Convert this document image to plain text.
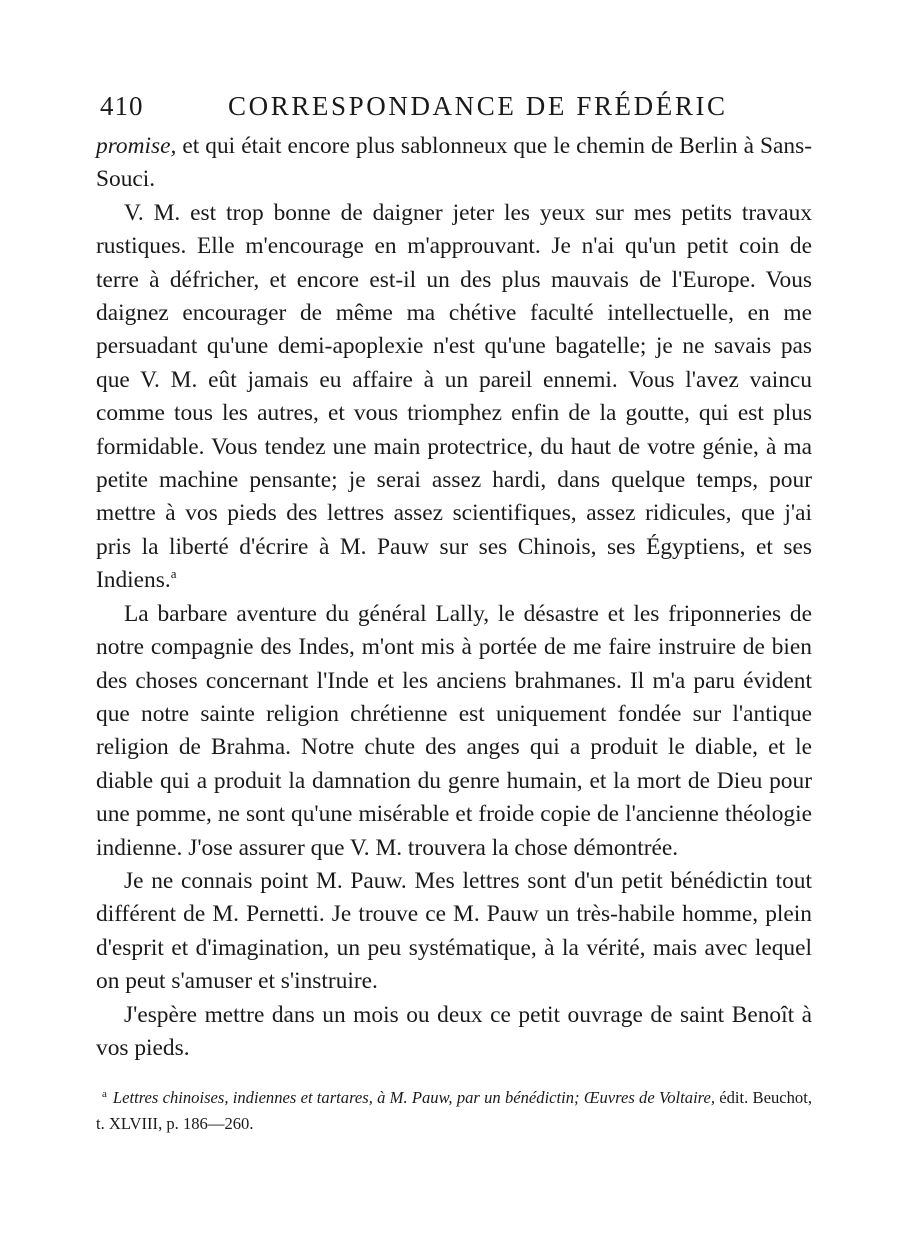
410	CORRESPONDANCE DE FRÉDÉRIC

promise, et qui était encore plus sablonneux que le chemin de Berlin à Sans-Souci.

V. M. est trop bonne de daigner jeter les yeux sur mes petits travaux rustiques. Elle m'encourage en m'approuvant. Je n'ai qu'un petit coin de terre à défricher, et encore est-il un des plus mauvais de l'Europe. Vous daignez encourager de même ma chétive faculté intellectuelle, en me persuadant qu'une demi-apoplexie n'est qu'une bagatelle; je ne savais pas que V. M. eût jamais eu affaire à un pareil ennemi. Vous l'avez vaincu comme tous les autres, et vous triomphez enfin de la goutte, qui est plus formidable. Vous tendez une main protectrice, du haut de votre génie, à ma petite machine pensante; je serai assez hardi, dans quelque temps, pour mettre à vos pieds des lettres assez scientifiques, assez ridicules, que j'ai pris la liberté d'écrire à M. Pauw sur ses Chinois, ses Égyptiens, et ses Indiens.$^a$

La barbare aventure du général Lally, le désastre et les friponneries de notre compagnie des Indes, m'ont mis à portée de me faire instruire de bien des choses concernant l'Inde et les anciens brahmanes. Il m'a paru évident que notre sainte religion chrétienne est uniquement fondée sur l'antique religion de Brahma. Notre chute des anges qui a produit le diable, et le diable qui a produit la damnation du genre humain, et la mort de Dieu pour une pomme, ne sont qu'une misérable et froide copie de l'ancienne théologie indienne. J'ose assurer que V. M. trouvera la chose démontrée.

Je ne connais point M. Pauw. Mes lettres sont d'un petit bénédictin tout différent de M. Pernetti. Je trouve ce M. Pauw un très-habile homme, plein d'esprit et d'imagination, un peu systématique, à la vérité, mais avec lequel on peut s'amuser et s'instruire.

J'espère mettre dans un mois ou deux ce petit ouvrage de saint Benoît à vos pieds.

$^a$ Lettres chinoises, indiennes et tartares, à M. Pauw, par un bénédictin; Œuvres de Voltaire, édit. Beuchot, t. XLVIII, p. 186—260.
